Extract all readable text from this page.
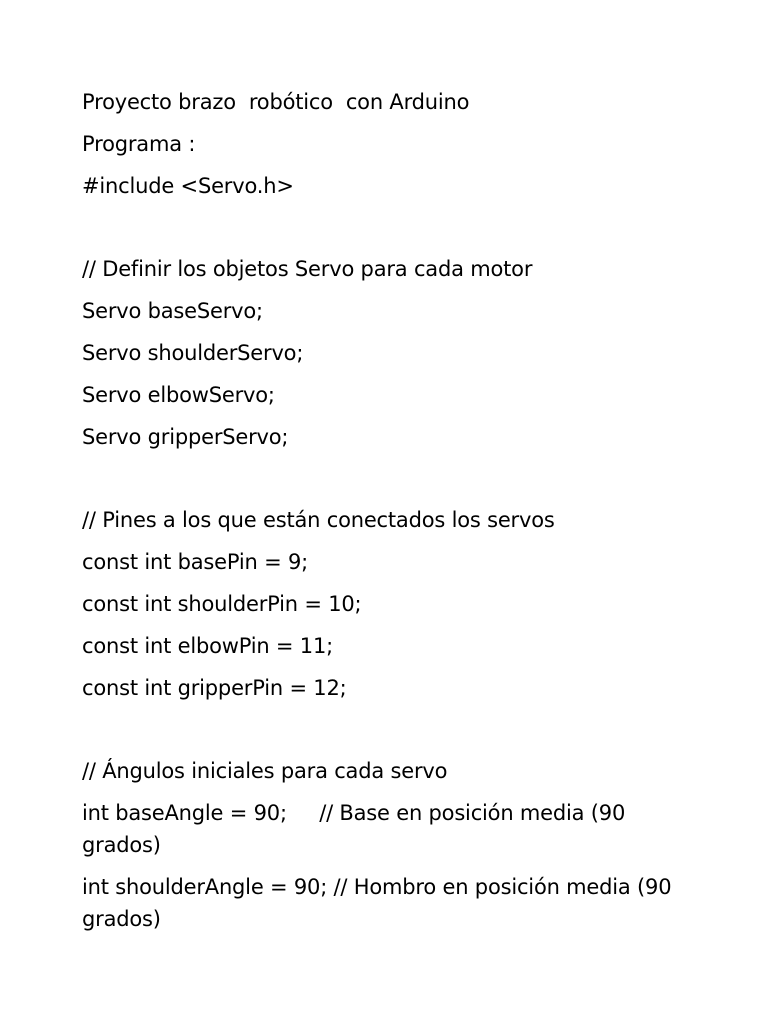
Proyecto brazo  robótico  con Arduino
Programa :
#include <Servo.h>
// Definir los objetos Servo para cada motor
Servo baseServo;
Servo shoulderServo;
Servo elbowServo;
Servo gripperServo;
// Pines a los que están conectados los servos
const int basePin = 9;
const int shoulderPin = 10;
const int elbowPin = 11;
const int gripperPin = 12;
// Ángulos iniciales para cada servo
int baseAngle = 90;     // Base en posición media (90 grados)
int shoulderAngle = 90; // Hombro en posición media (90 grados)
